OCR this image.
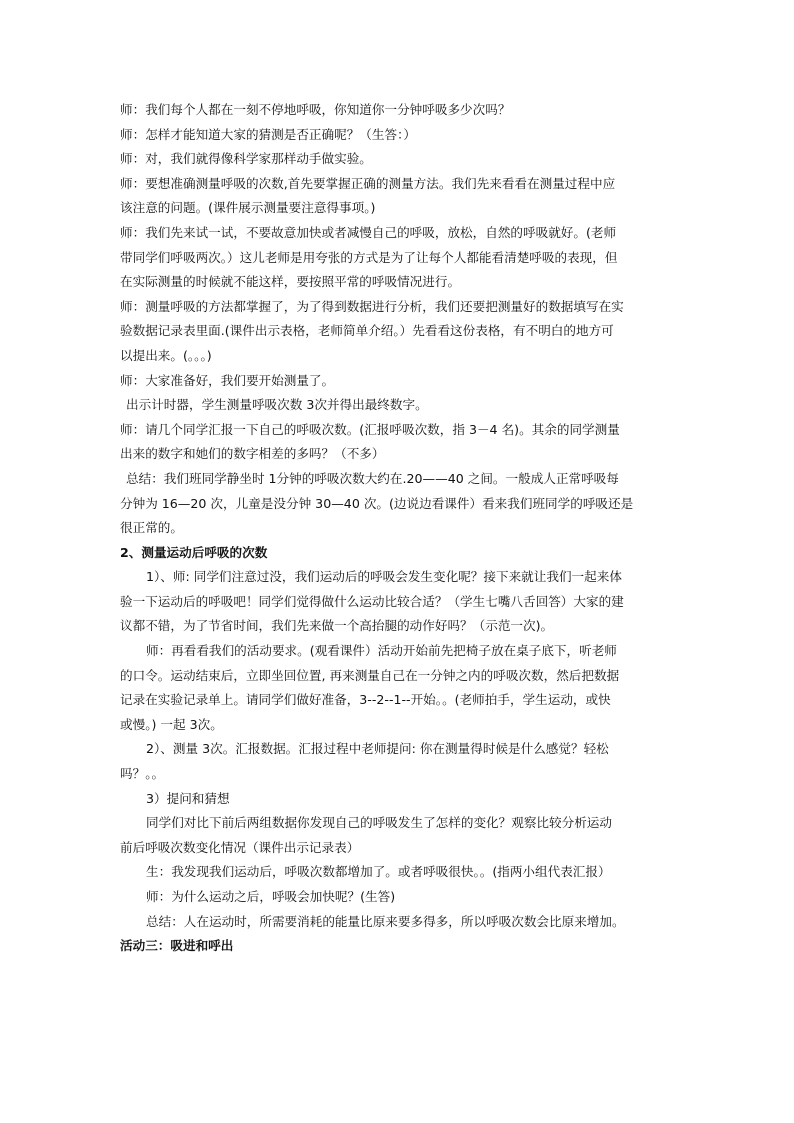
师：我们每个人都在一刻不停地呼吸，你知道你一分钟呼吸多少次吗？
师：怎样才能知道大家的猜测是否正确呢？（生答：）
师：对，我们就得像科学家那样动手做实验。
师：要想准确测量呼吸的次数,首先要掌握正确的测量方法。我们先来看看在测量过程中应
该注意的问题。(课件展示测量要注意得事项。)
师：我们先来试一试，不要故意加快或者减慢自己的呼吸，放松，自然的呼吸就好。(老师
带同学们呼吸两次。）这儿老师是用夸张的方式是为了让每个人都能看清楚呼吸的表现，但
在实际测量的时候就不能这样，要按照平常的呼吸情况进行。
师：测量呼吸的方法都掌握了，为了得到数据进行分析，我们还要把测量好的数据填写在实
验数据记录表里面.(课件出示表格，老师简单介绍。）先看看这份表格，有不明白的地方可
以提出来。(。。。)
师：大家准备好，我们要开始测量了。
出示计时器，学生测量呼吸次数 3次并得出最终数字。
师：请几个同学汇报一下自己的呼吸次数。(汇报呼吸次数，指 3－4 名)。其余的同学测量
出来的数字和她们的数字相差的多吗？（不多）
总结：我们班同学静坐时 1分钟的呼吸次数大约在.20——40 之间。一般成人正常呼吸每
分钟为 16—20 次，儿童是没分钟 30—40 次。(边说边看课件）看来我们班同学的呼吸还是
很正常的。
2、测量运动后呼吸的次数
1）、师: 同学们注意过没，我们运动后的呼吸会发生变化呢？接下来就让我们一起来体
验一下运动后的呼吸吧！同学们觉得做什么运动比较合适？（学生七嘴八舌回答）大家的建
议都不错，为了节省时间，我们先来做一个高抬腿的动作好吗？（示范一次)。
师：再看看我们的活动要求。(观看课件）活动开始前先把椅子放在桌子底下，听老师
的口令。运动结束后，立即坐回位置, 再来测量自己在一分钟之内的呼吸次数，然后把数据
记录在实验记录单上。请同学们做好准备，3--2--1--开始。。(老师拍手，学生运动，或快
或慢。) 一起 3次。
2）、测量 3次。汇报数据。汇报过程中老师提问: 你在测量得时候是什么感觉？轻松
吗？。。
3）提问和猜想
同学们对比下前后两组数据你发现自己的呼吸发生了怎样的变化？观察比较分析运动
前后呼吸次数变化情况（课件出示记录表）
生：我发现我们运动后，呼吸次数都增加了。或者呼吸很快。。(指两小组代表汇报）
师：为什么运动之后，呼吸会加快呢？(生答)
总结：人在运动时，所需要消耗的能量比原来要多得多，所以呼吸次数会比原来增加。
活动三：吸进和呼出
